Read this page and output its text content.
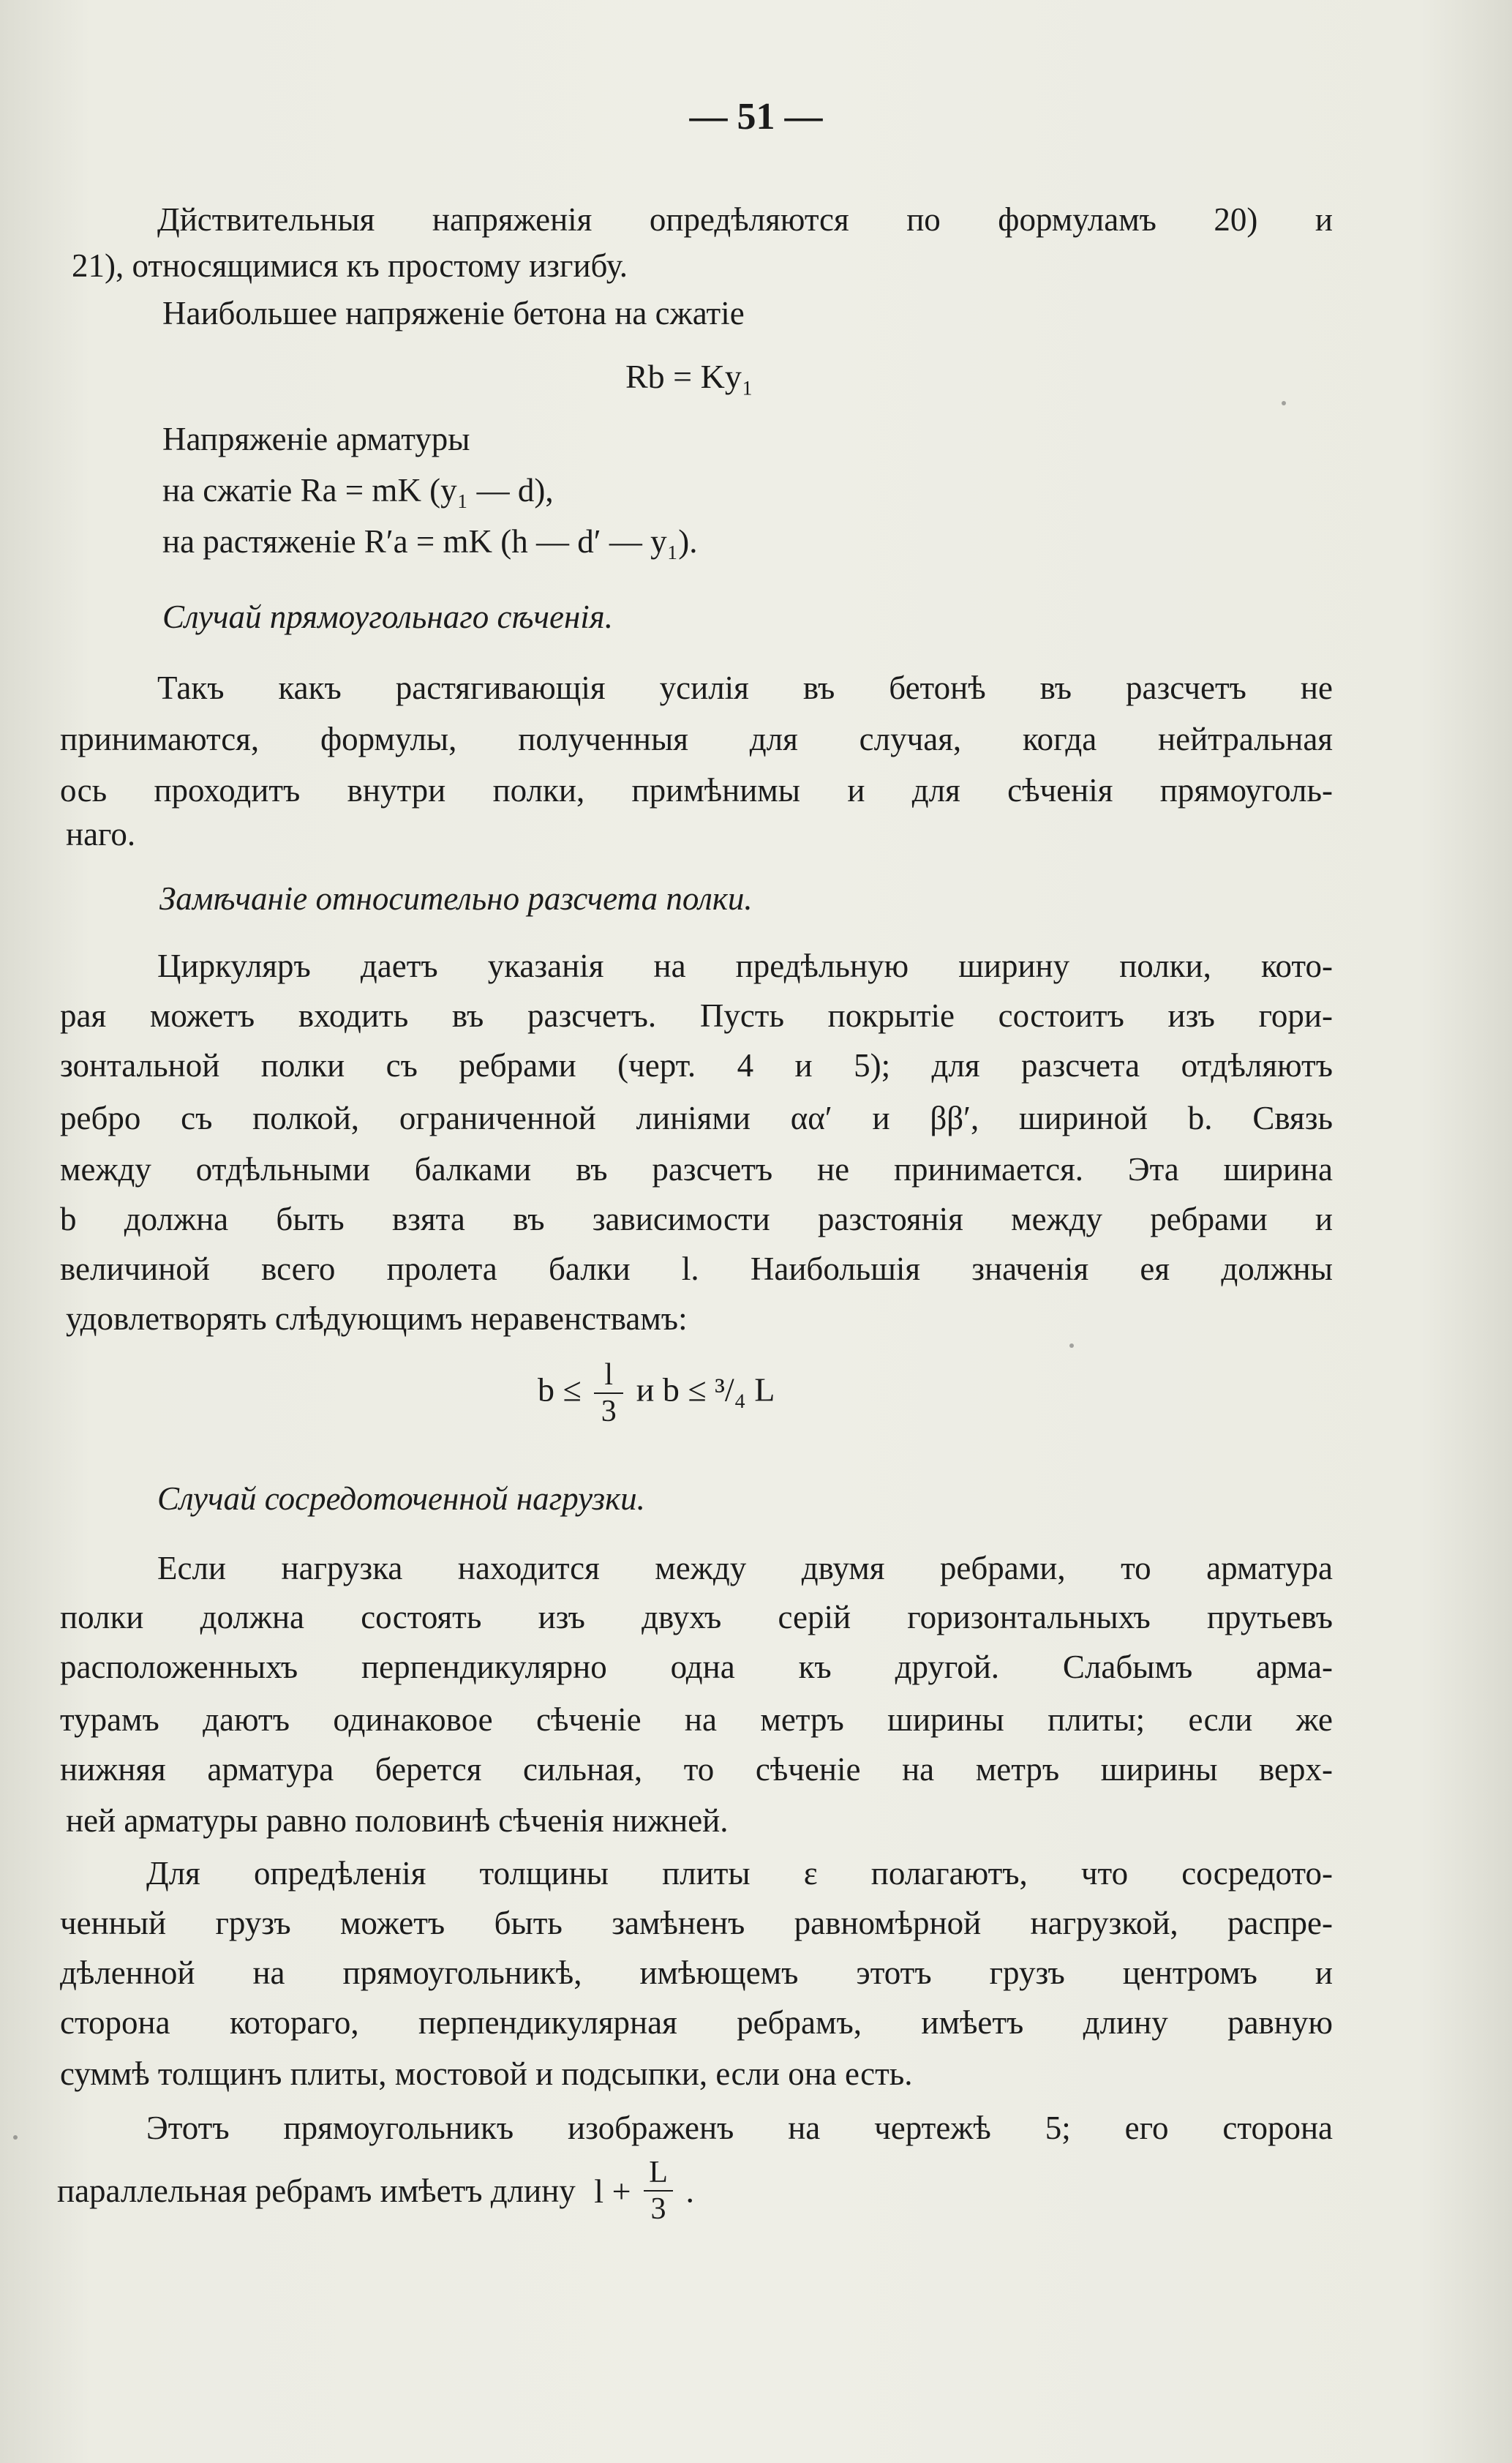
— 51 —
Дйствительныя напряженія опредѣляются по формуламъ 20) и
21), относящимися къ простому изгибу.
Наибольшее напряженіе бетона на сжатіе
Rb = Ky₁
Напряженіе арматуры
на сжатіе Ra = mK (y₁ — d),
на растяженіе R′a = mK (h — d′ — y₁).
Случай прямоугольнаго сѣченія.
Такъ какъ растягивающія усилія въ бетонѣ въ разсчетъ не
принимаются, формулы, полученныя для случая, когда нейтральная
ось проходитъ внутри полки, примѣнимы и для сѣченія прямоуголь-
наго.
Замѣчаніе относительно разсчета полки.
Циркуляръ даетъ указанія на предѣльную ширину полки, кото-
рая можетъ входить въ разсчетъ. Пусть покрытіе состоитъ изъ гори-
зонтальной полки съ ребрами (черт. 4 и 5); для разсчета отдѣляютъ
ребро съ полкой, ограниченной линіями αα′ и ββ′, шириной b. Связь
между отдѣльными балками въ разсчетъ не принимается. Эта ширина
b должна быть взята въ зависимости разстоянія между ребрами и
величиной всего пролета балки l. Наибольшія значенія ея должны
удовлетворять слѣдующимъ неравенствамъ:
$b \le \frac{l}{3}$ и b ≤ ³/₄ L
Случай сосредоточенной нагрузки.
Если нагрузка находится между двумя ребрами, то арматура
полки должна состоять изъ двухъ серій горизонтальныхъ прутьевъ
расположенныхъ перпендикулярно одна къ другой. Слабымъ арма-
турамъ даютъ одинаковое сѣченіе на метръ ширины плиты; если же
нижняя арматура берется сильная, то сѣченіе на метръ ширины верх-
ней арматуры равно половинѣ сѣченія нижней.
Для опредѣленія толщины плиты ε полагаютъ, что сосредото-
ченный грузъ можетъ быть замѣненъ равномѣрной нагрузкой, распре-
дѣленной на прямоугольникѣ, имѣющемъ этотъ грузъ центромъ и
сторона котораго, перпендикулярная ребрамъ, имѣетъ длину равную
суммѣ толщинъ плиты, мостовой и подсыпки, если она есть.
Этотъ прямоугольникъ изображенъ на чертежѣ 5; его сторона
параллельная ребрамъ имѣетъ длину $l + \frac{L}{3}$ .
